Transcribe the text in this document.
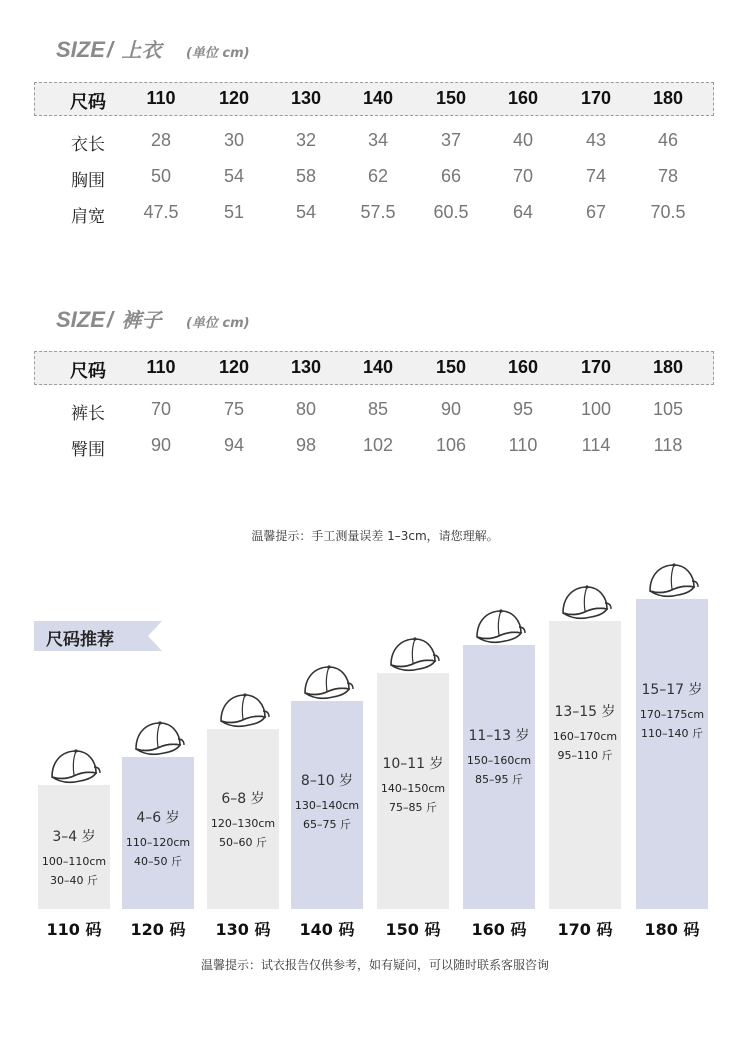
SIZE/ 上衣 (单位 cm)
尺码 110 120 130 140 150 160 170 180
衣长	28	30	32	34	37	40	43	46
胸围	50	54	58	62	66	70	74	78
肩宽 47.5	51	54 57.5 60.5 64	67 70.5
SIZE/ 裤子 (单位 cm)
尺码 110 120 130 140 150 160 170 180
裤长	70	75	80	85	90	95	100 105
臀围	90	94	98	102 106 110 114 118
温馨提示：手工测量误差 1–3cm，请您理解。
尺码推荐
3–4 岁
100–110cm
30–40 斤
110 码
4–6 岁
110–120cm
40–50 斤
120 码
6–8 岁
120–130cm
50–60 斤
130 码
8–10 岁
130–140cm
65–75 斤
140 码
10–11 岁
140–150cm
75–85 斤
150 码
11–13 岁
150–160cm
85–95 斤
160 码
13–15 岁
160–170cm
95–110 斤
170 码
15–17 岁
170–175cm
110–140 斤
180 码
温馨提示：试衣报告仅供参考，如有疑问，可以随时联系客服咨询
